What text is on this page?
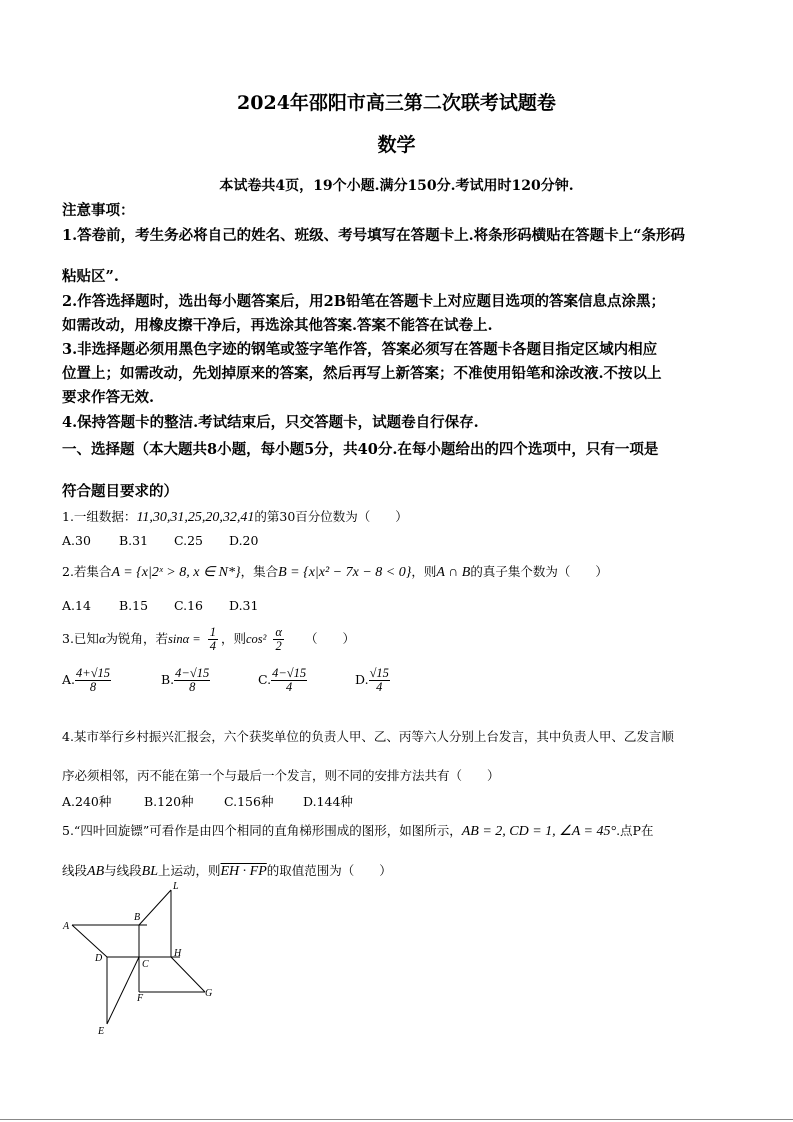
2024年邵阳市高三第二次联考试题卷
数学
本试卷共4页，19个小题.满分150分.考试用时120分钟.
注意事项：
1.答卷前，考生务必将自己的姓名、班级、考号填写在答题卡上.将条形码横贴在答题卡上“条形码
粘贴区”.
2.作答选择题时，选出每小题答案后，用2B铅笔在答题卡上对应题目选项的答案信息点涂黑；
如需改动，用橡皮擦干净后，再选涂其他答案.答案不能答在试卷上.
3.非选择题必须用黑色字迹的钢笔或签字笔作答，答案必须写在答题卡各题目指定区域内相应
位置上；如需改动，先划掉原来的答案，然后再写上新答案；不准使用铅笔和涂改液.不按以上
要求作答无效.
4.保持答题卡的整洁.考试结束后，只交答题卡，试题卷自行保存.
一、选择题（本大题共8小题，每小题5分，共40分.在每小题给出的四个选项中，只有一项是
符合题目要求的）
1.一组数据：11,30,31,25,20,32,41的第30百分位数为（　　）
A.30 B.31 C.25 D.20
2.若集合A = {x|2ˣ > 8, x ∈ N*}，集合B = {x|x² − 7x − 8 < 0}，则A ∩ B的真子集个数为（　　）
A.14 B.15 C.16 D.31
3.已知α为锐角，若$\sin\alpha = \frac{1}{4}$ ，则$\cos^2 \frac{\alpha}{2}$ （　　）
A. $\frac{4+√15}{8}$	B. $\frac{4-√15}{8}$	C. $\frac{4-√15}{4}$	D. $\frac{√15}{4}$
4.某市举行乡村振兴汇报会，六个获奖单位的负责人甲、乙、丙等六人分别上台发言，其中负责人甲、乙发言顺
序必须相邻，丙不能在第一个与最后一个发言，则不同的安排方法共有（　　）
A.240种	B.120种 C.156种 D.144种
5.“四叶回旋镖”可看作是由四个相同的直角梯形围成的图形，如图所示，AB = 2, CD = 1, ∠A = 45°.点P在
线段AB与线段BL上运动，则EH · FP的取值范围为（　　）
A
B
L
D
C
H
F	G
E
